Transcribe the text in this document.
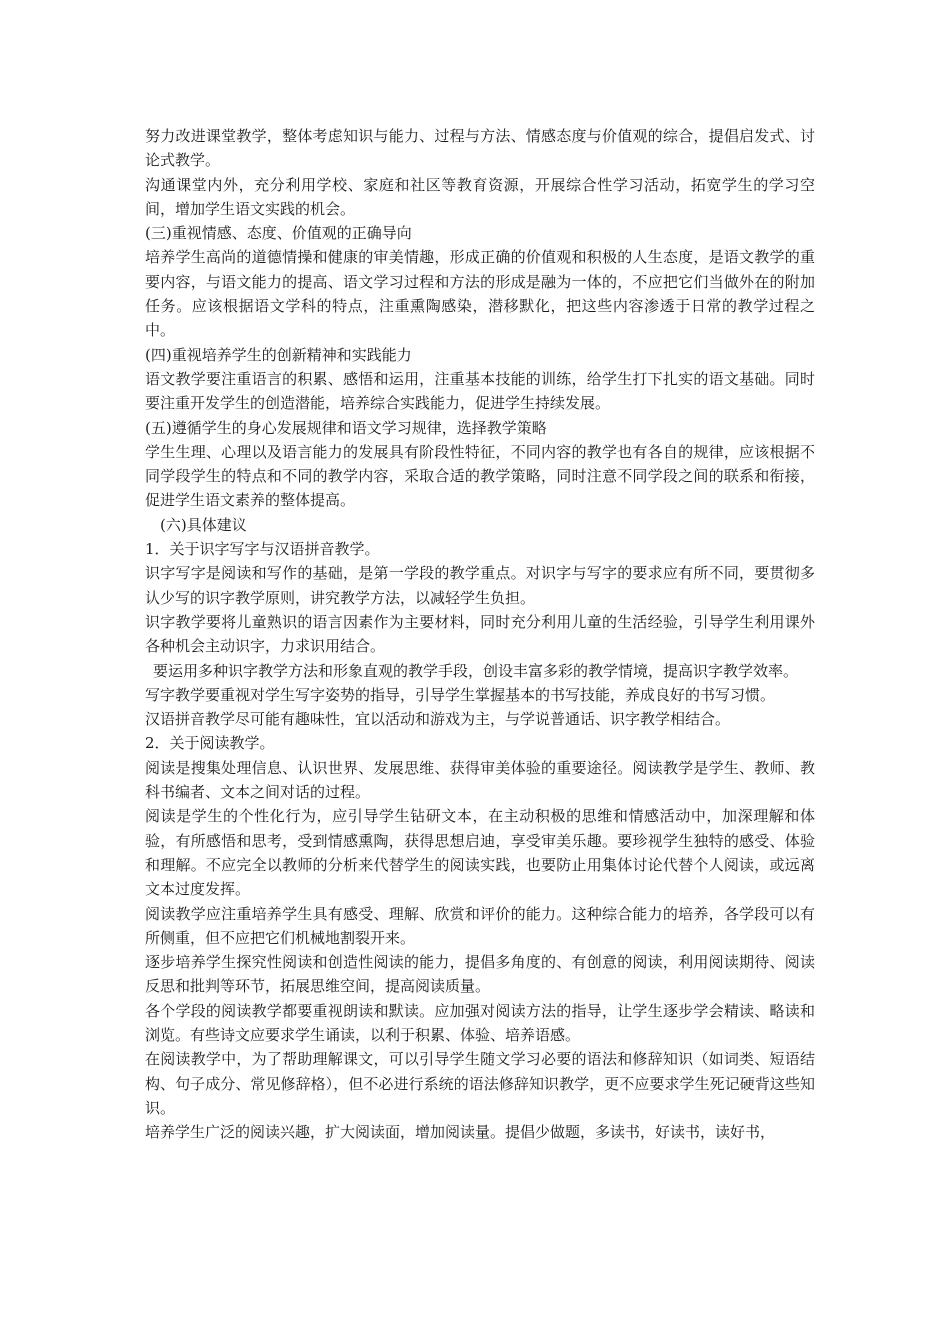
努力改进课堂教学，整体考虑知识与能力、过程与方法、情感态度与价值观的综合，提倡启发式、讨论式教学。

沟通课堂内外，充分利用学校、家庭和社区等教育资源，开展综合性学习活动，拓宽学生的学习空间，增加学生语文实践的机会。

(三)重视情感、态度、价值观的正确导向

培养学生高尚的道德情操和健康的审美情趣，形成正确的价值观和积极的人生态度，是语文教学的重要内容，与语文能力的提高、语文学习过程和方法的形成是融为一体的，不应把它们当做外在的附加任务。应该根据语文学科的特点，注重熏陶感染，潜移默化，把这些内容渗透于日常的教学过程之中。

(四)重视培养学生的创新精神和实践能力

语文教学要注重语言的积累、感悟和运用，注重基本技能的训练，给学生打下扎实的语文基础。同时要注重开发学生的创造潜能，培养综合实践能力，促进学生持续发展。

(五)遵循学生的身心发展规律和语文学习规律，选择教学策略

学生生理、心理以及语言能力的发展具有阶段性特征，不同内容的教学也有各自的规律，应该根据不同学段学生的特点和不同的教学内容，采取合适的教学策略，同时注意不同学段之间的联系和衔接，促进学生语文素养的整体提高。

(六)具体建议

1．关于识字写字与汉语拼音教学。

识字写字是阅读和写作的基础，是第一学段的教学重点。对识字与写字的要求应有所不同，要贯彻多认少写的识字教学原则，讲究教学方法，以减轻学生负担。

识字教学要将儿童熟识的语言因素作为主要材料，同时充分利用儿童的生活经验，引导学生利用课外各种机会主动识字，力求识用结合。

要运用多种识字教学方法和形象直观的教学手段，创设丰富多彩的教学情境，提高识字教学效率。

写字教学要重视对学生写字姿势的指导，引导学生掌握基本的书写技能，养成良好的书写习惯。

汉语拼音教学尽可能有趣味性，宜以活动和游戏为主，与学说普通话、识字教学相结合。

2．关于阅读教学。

阅读是搜集处理信息、认识世界、发展思维、获得审美体验的重要途径。阅读教学是学生、教师、教科书编者、文本之间对话的过程。

阅读是学生的个性化行为，应引导学生钻研文本，在主动积极的思维和情感活动中，加深理解和体验，有所感悟和思考，受到情感熏陶，获得思想启迪，享受审美乐趣。要珍视学生独特的感受、体验和理解。不应完全以教师的分析来代替学生的阅读实践，也要防止用集体讨论代替个人阅读，或远离文本过度发挥。

阅读教学应注重培养学生具有感受、理解、欣赏和评价的能力。这种综合能力的培养，各学段可以有所侧重，但不应把它们机械地割裂开来。

逐步培养学生探究性阅读和创造性阅读的能力，提倡多角度的、有创意的阅读，利用阅读期待、阅读反思和批判等环节，拓展思维空间，提高阅读质量。

各个学段的阅读教学都要重视朗读和默读。应加强对阅读方法的指导，让学生逐步学会精读、略读和浏览。有些诗文应要求学生诵读，以利于积累、体验、培养语感。

在阅读教学中，为了帮助理解课文，可以引导学生随文学习必要的语法和修辞知识（如词类、短语结构、句子成分、常见修辞格），但不必进行系统的语法修辞知识教学，更不应要求学生死记硬背这些知识。

培养学生广泛的阅读兴趣，扩大阅读面，增加阅读量。提倡少做题，多读书，好读书，读好书，
